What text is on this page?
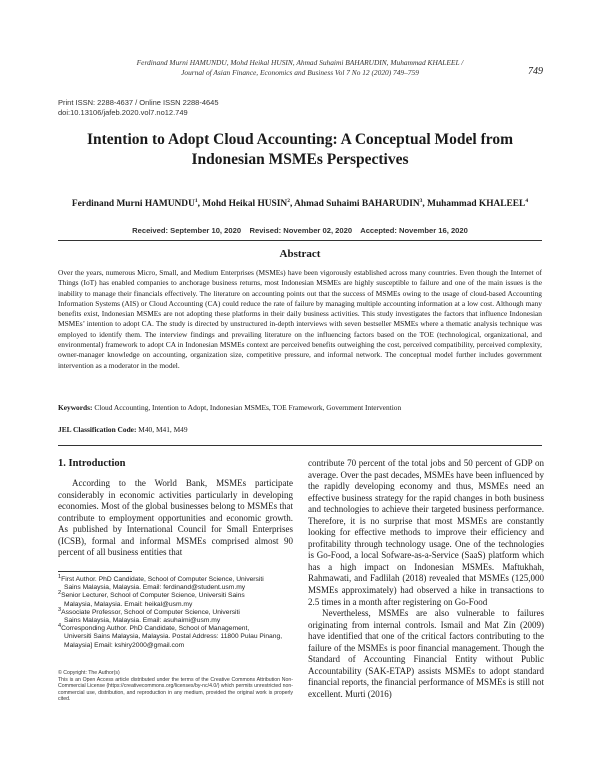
Ferdinand Murni HAMUNDU, Mohd Heikal HUSIN, Ahmad Suhaimi BAHARUDIN, Muhammad KHALEEL /
Journal of Asian Finance, Economics and Business Vol 7 No 12 (2020) 749–759	749
Print ISSN: 2288-4637 / Online ISSN 2288-4645
doi:10.13106/jafeb.2020.vol7.no12.749
Intention to Adopt Cloud Accounting: A Conceptual Model from
Indonesian MSMEs Perspectives
Ferdinand Murni HAMUNDU$^1$, Mohd Heikal HUSIN$^2$, Ahmad Suhaimi BAHARUDIN$^3$, Muhammad KHALEEL$^4$
Received: September 10, 2020    Revised: November 02, 2020    Accepted: November 16, 2020
Abstract
Over the years, numerous Micro, Small, and Medium Enterprises (MSMEs) have been vigorously established across many countries. Even though the Internet of Things (IoT) has enabled companies to anchorage business returns, most Indonesian MSMEs are highly susceptible to failure and one of the main issues is the inability to manage their financials effectively. The literature on accounting points out that the success of MSMEs owing to the usage of cloud-based Accounting Information Systems (AIS) or Cloud Accounting (CA) could reduce the rate of failure by managing multiple accounting information at a low cost. Although many benefits exist, Indonesian MSMEs are not adopting these platforms in their daily business activities. This study investigates the factors that influence Indonesian MSMEs’ intention to adopt CA. The study is directed by unstructured in-depth interviews with seven bestseller MSMEs where a thematic analysis technique was employed to identify them. The interview findings and prevailing literature on the influencing factors based on the TOE (technological, organizational, and environmental) framework to adopt CA in Indonesian MSMEs context are perceived benefits outweighing the cost, perceived compatibility, perceived complexity, owner-manager knowledge on accounting, organization size, competitive pressure, and informal network. The conceptual model further includes government intervention as a moderator in the model.
Keywords: Cloud Accounting, Intention to Adopt, Indonesian MSMEs, TOE Framework, Government Intervention
JEL Classification Code: M40, M41, M49
1. Introduction

According to the World Bank, MSMEs participate considerably in economic activities particularly in developing economies. Most of the global businesses belong to MSMEs that contribute to employment opportunities and economic growth. As published by International Council for Small Enterprises (ICSB), formal and informal MSMEs comprised almost 90 percent of all business entities that

$^1$First Author. PhD Candidate, School of Computer Science, Universiti
Sains Malaysia, Malaysia. Email: ferdinand@student.usm.my
$^2$Senior Lecturer, School of Computer Science, Universiti Sains
Malaysia, Malaysia. Email: heikal@usm.my
$^3$Associate Professor, School of Computer Science, Universiti
Sains Malaysia, Malaysia. Email: asuhaimi@usm.my
$^4$Corresponding Author. PhD Candidate, School of Management,
Universiti Sains Malaysia, Malaysia. Postal Address: 11800 Pulau Pinang, Malaysia] Email: kshiry2000@gmail.com
© Copyright: The Author(s)
This is an Open Access article distributed under the terms of the Creative Commons Attribution Non-Commercial License (https://creativecommons.org/licenses/by-nc/4.0/) which permits unrestricted non-commercial use, distribution, and reproduction in any medium, provided the original work is properly cited.

contribute 70 percent of the total jobs and 50 percent of GDP on average. Over the past decades, MSMEs have been influenced by the rapidly developing economy and thus, MSMEs need an effective business strategy for the rapid changes in both business and technologies to achieve their targeted business performance. Therefore, it is no surprise that most MSMEs are constantly looking for effective methods to improve their efficiency and profitability through technology usage. One of the technologies is Go-Food, a local Sofware-as-a-Service (SaaS) platform which has a high impact on Indonesian MSMEs. Maftukhah, Rahmawati, and Fadlilah (2018) revealed that MSMEs (125,000 MSMEs approximately) had observed a hike in transactions to 2.5 times in a month after registering on Go-Food

Nevertheless, MSMEs are also vulnerable to failures originating from internal controls. Ismail and Mat Zin (2009) have identified that one of the critical factors contributing to the failure of the MSMEs is poor financial management. Though the Standard of Accounting Financial Entity without Public Accountability (SAK-ETAP) assists MSMEs to adopt standard financial reports, the financial performance of MSMEs is still not excellent. Murti (2016)
